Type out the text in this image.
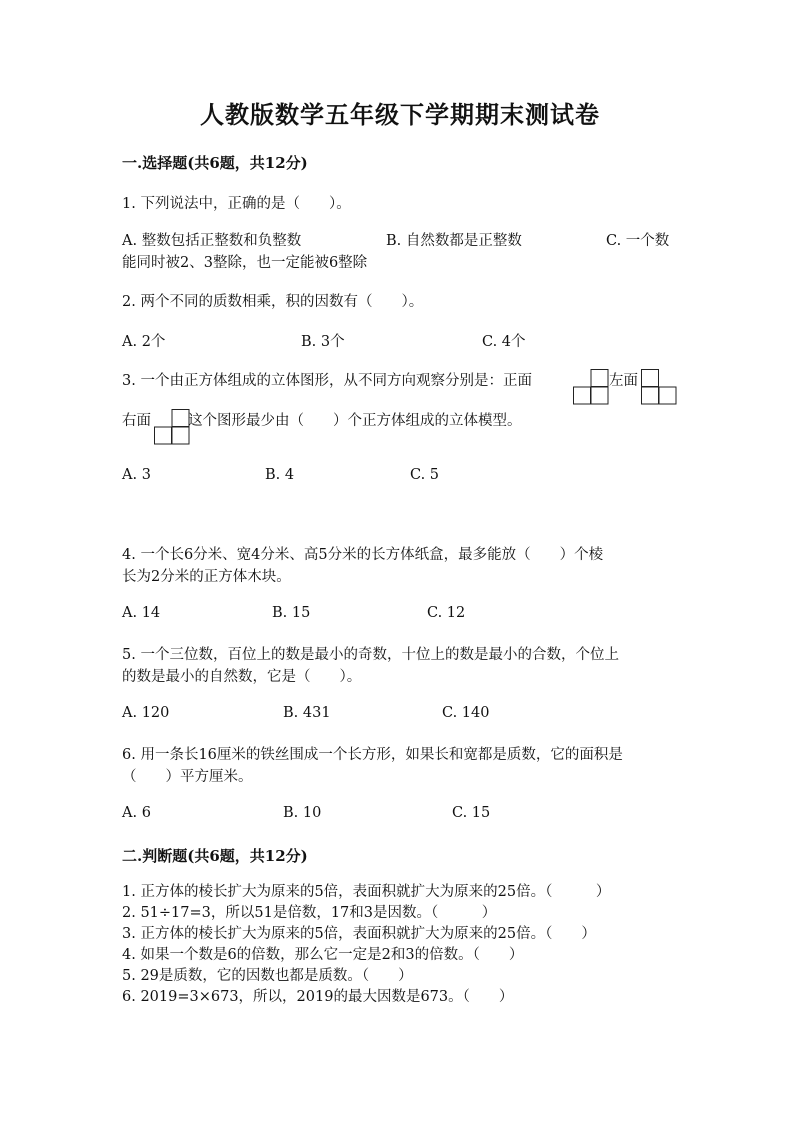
人教版数学五年级下学期期末测试卷
一.选择题(共6题，共12分)
1. 下列说法中，正确的是（　　）。
A. 整数包括正整数和负整数	B. 自然数都是正整数	C. 一个数
能同时被2、3整除，也一定能被6整除
2. 两个不同的质数相乘，积的因数有（　　）。
A. 2个	B. 3个	C. 4个
3. 一个由正方体组成的立体图形，从不同方向观察分别是：正面	左面
右面	这个图形最少由（　　）个正方体组成的立体模型。
A. 3	B. 4	C. 5
4. 一个长6分米、宽4分米、高5分米的长方体纸盒，最多能放（　　）个棱
长为2分米的正方体木块。
A. 14	B. 15	C. 12
5. 一个三位数，百位上的数是最小的奇数，十位上的数是最小的合数，个位上
的数是最小的自然数，它是（　　）。
A. 120	B. 431	C. 140
6. 用一条长16厘米的铁丝围成一个长方形，如果长和宽都是质数，它的面积是
（　　）平方厘米。
A. 6	B. 10	C. 15
二.判断题(共6题，共12分)
1. 正方体的棱长扩大为原来的5倍，表面积就扩大为原来的25倍。（　　　）
2. 51÷17=3，所以51是倍数，17和3是因数。（　　　）
3. 正方体的棱长扩大为原来的5倍，表面积就扩大为原来的25倍。（　　）
4. 如果一个数是6的倍数，那么它一定是2和3的倍数。（　　）
5. 29是质数，它的因数也都是质数。（　　）
6. 2019=3×673，所以，2019的最大因数是673。（　　）
